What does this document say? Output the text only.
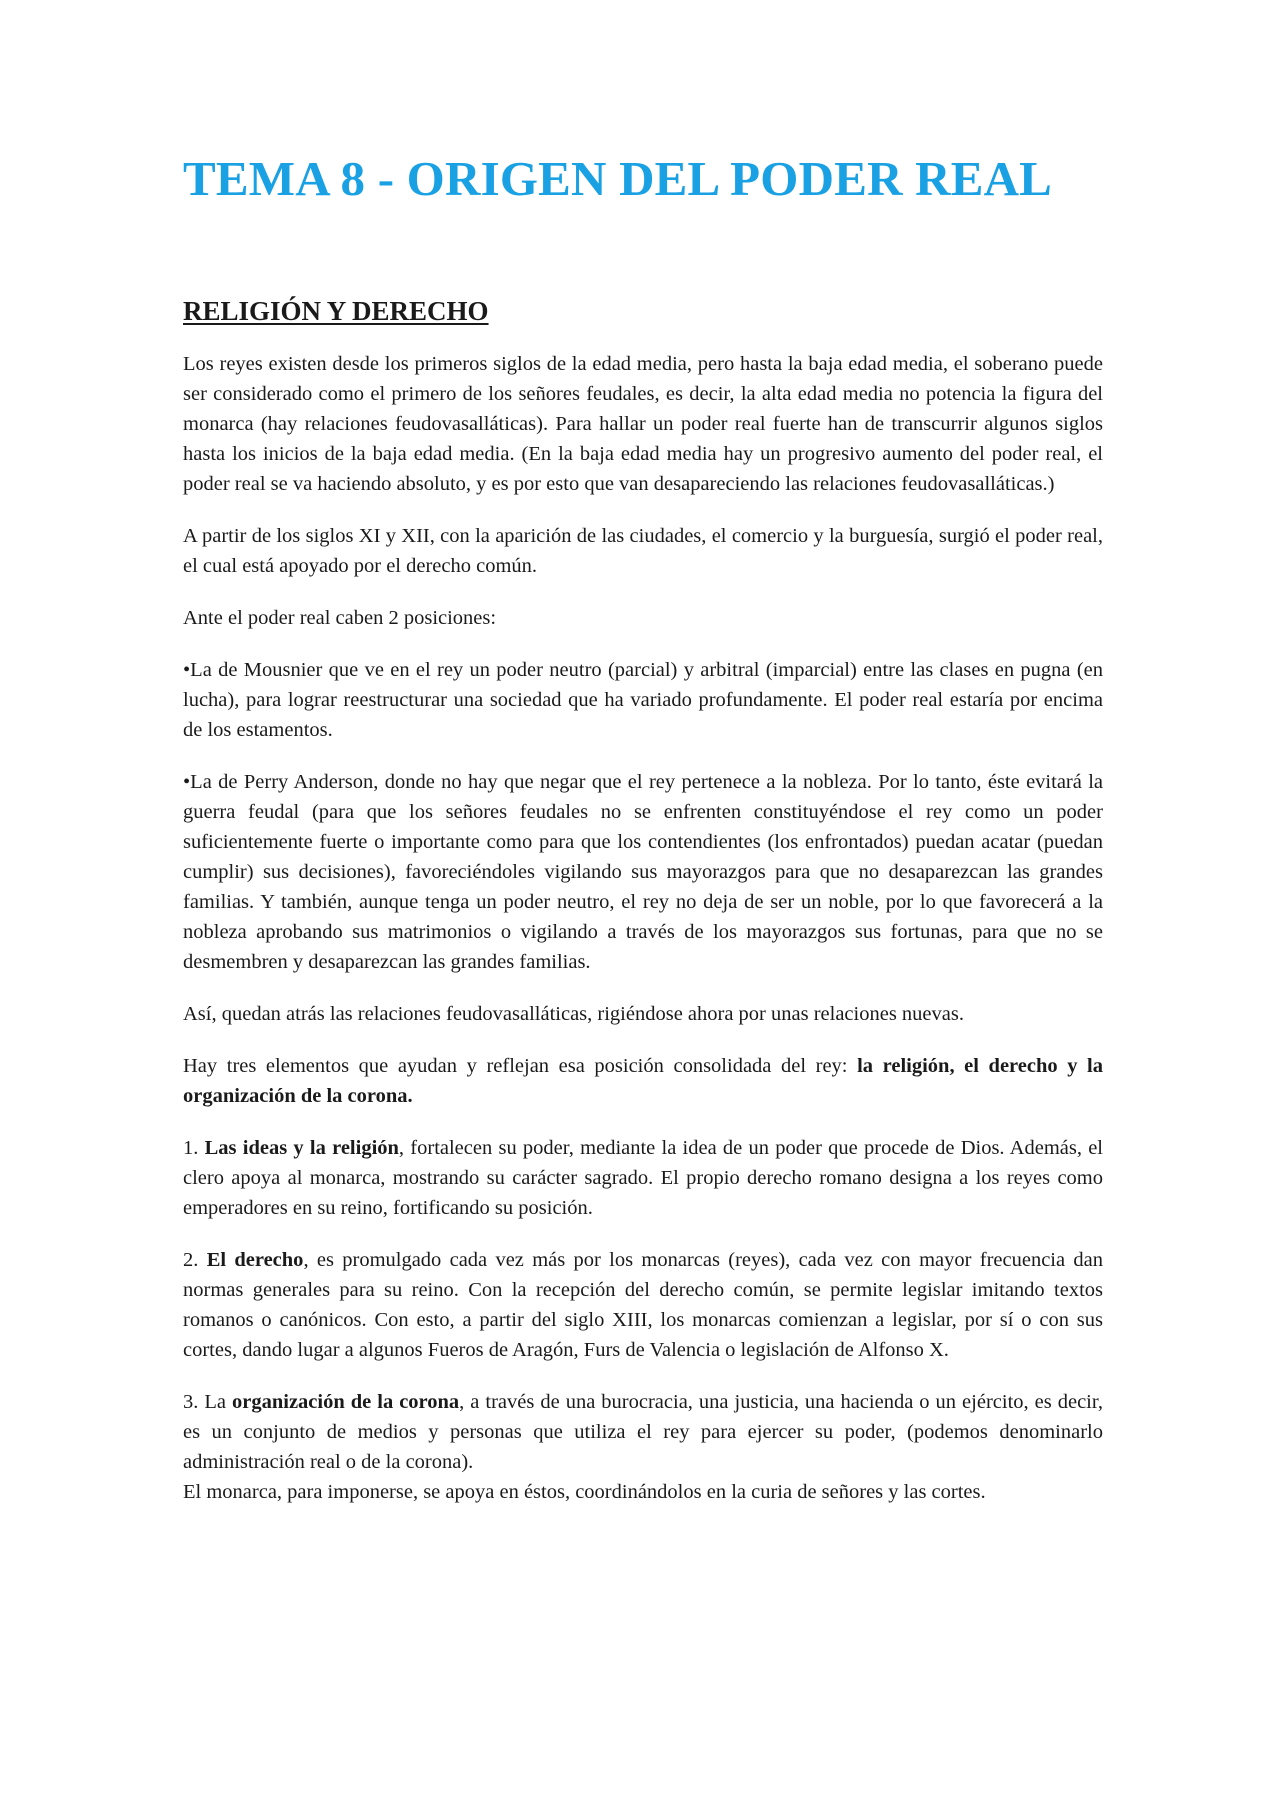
TEMA 8 - ORIGEN DEL PODER REAL
RELIGIÓN Y DERECHO

Los reyes existen desde los primeros siglos de la edad media, pero hasta la baja edad media, el soberano puede ser considerado como el primero de los señores feudales, es decir, la alta edad media no potencia la figura del monarca (hay relaciones feudovasalláticas). Para hallar un poder real fuerte han de transcurrir algunos siglos hasta los inicios de la baja edad media. (En la baja edad media hay un progresivo aumento del poder real, el poder real se va haciendo absoluto, y es por esto que van desapareciendo las relaciones feudovasalláticas.)

A partir de los siglos XI y XII, con la aparición de las ciudades, el comercio y la burguesía, surgió el poder real, el cual está apoyado por el derecho común.

Ante el poder real caben 2 posiciones:

•La de Mousnier que ve en el rey un poder neutro (parcial) y arbitral (imparcial) entre las clases en pugna (en lucha), para lograr reestructurar una sociedad que ha variado profundamente. El poder real estaría por encima de los estamentos.

•La de Perry Anderson, donde no hay que negar que el rey pertenece a la nobleza. Por lo tanto, éste evitará la guerra feudal (para que los señores feudales no se enfrenten constituyéndose el rey como un poder suficientemente fuerte o importante como para que los contendientes (los enfrontados) puedan acatar (puedan cumplir) sus decisiones), favoreciéndoles vigilando sus mayorazgos para que no desaparezcan las grandes familias. Y también, aunque tenga un poder neutro, el rey no deja de ser un noble, por lo que favorecerá a la nobleza aprobando sus matrimonios o vigilando a través de los mayorazgos sus fortunas, para que no se desmembren y desaparezcan las grandes familias.

Así, quedan atrás las relaciones feudovasalláticas, rigiéndose ahora por unas relaciones nuevas.

Hay tres elementos que ayudan y reflejan esa posición consolidada del rey: la religión, el derecho y la organización de la corona.

1. Las ideas y la religión, fortalecen su poder, mediante la idea de un poder que procede de Dios. Además, el clero apoya al monarca, mostrando su carácter sagrado. El propio derecho romano designa a los reyes como emperadores en su reino, fortificando su posición.

2. El derecho, es promulgado cada vez más por los monarcas (reyes), cada vez con mayor frecuencia dan normas generales para su reino. Con la recepción del derecho común, se permite legislar imitando textos romanos o canónicos. Con esto, a partir del siglo XIII, los monarcas comienzan a legislar, por sí o con sus cortes, dando lugar a algunos Fueros de Aragón, Furs de Valencia o legislación de Alfonso X.

3. La organización de la corona, a través de una burocracia, una justicia, una hacienda o un ejército, es decir, es un conjunto de medios y personas que utiliza el rey para ejercer su poder, (podemos denominarlo administración real o de la corona).
El monarca, para imponerse, se apoya en éstos, coordinándolos en la curia de señores y las cortes.
